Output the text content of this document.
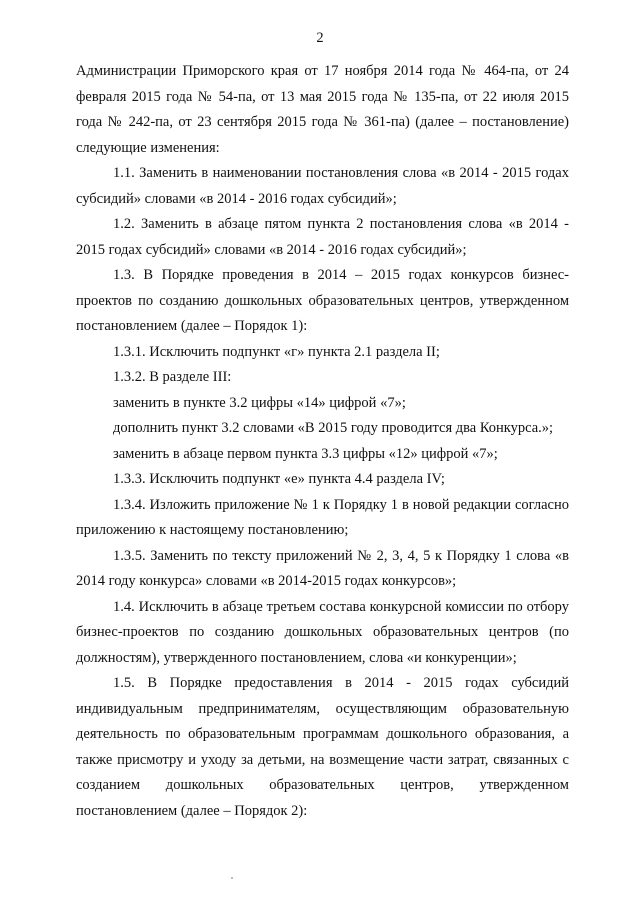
2

Администрации Приморского края от 17 ноября 2014 года № 464-па, от 24 февраля 2015 года № 54-па, от 13 мая 2015 года № 135-па, от 22 июля 2015 года № 242-па, от 23 сентября 2015 года № 361-па) (далее – постановление) следующие изменения:

1.1. Заменить в наименовании постановления слова «в 2014 - 2015 годах субсидий» словами «в 2014 - 2016 годах субсидий»;

1.2. Заменить в абзаце пятом пункта 2 постановления слова «в 2014 - 2015 годах субсидий» словами «в 2014 - 2016 годах субсидий»;

1.3. В Порядке проведения в 2014 – 2015 годах конкурсов бизнес-проектов по созданию дошкольных образовательных центров, утвержденном постановлением (далее – Порядок 1):

1.3.1. Исключить подпункт «г» пункта 2.1 раздела II;

1.3.2. В разделе III:

заменить в пункте 3.2 цифры «14» цифрой «7»;

дополнить пункт 3.2 словами «В 2015 году проводится два Конкурса.»;

заменить в абзаце первом пункта 3.3 цифры «12» цифрой «7»;

1.3.3. Исключить подпункт «е» пункта 4.4 раздела IV;

1.3.4. Изложить приложение № 1 к Порядку 1 в новой редакции согласно приложению к настоящему постановлению;

1.3.5. Заменить по тексту приложений № 2, 3, 4, 5 к Порядку 1 слова «в 2014 году конкурса» словами «в 2014-2015 годах конкурсов»;

1.4. Исключить в абзаце третьем состава конкурсной комиссии по отбору бизнес-проектов по созданию дошкольных образовательных центров (по должностям), утвержденного постановлением, слова «и конкуренции»;

1.5. В Порядке предоставления в 2014 - 2015 годах субсидий индивидуальным предпринимателям, осуществляющим образовательную деятельность по образовательным программам дошкольного образования, а также присмотру и уходу за детьми, на возмещение части затрат, связанных с созданием дошкольных образовательных центров, утвержденном постановлением (далее – Порядок 2):
